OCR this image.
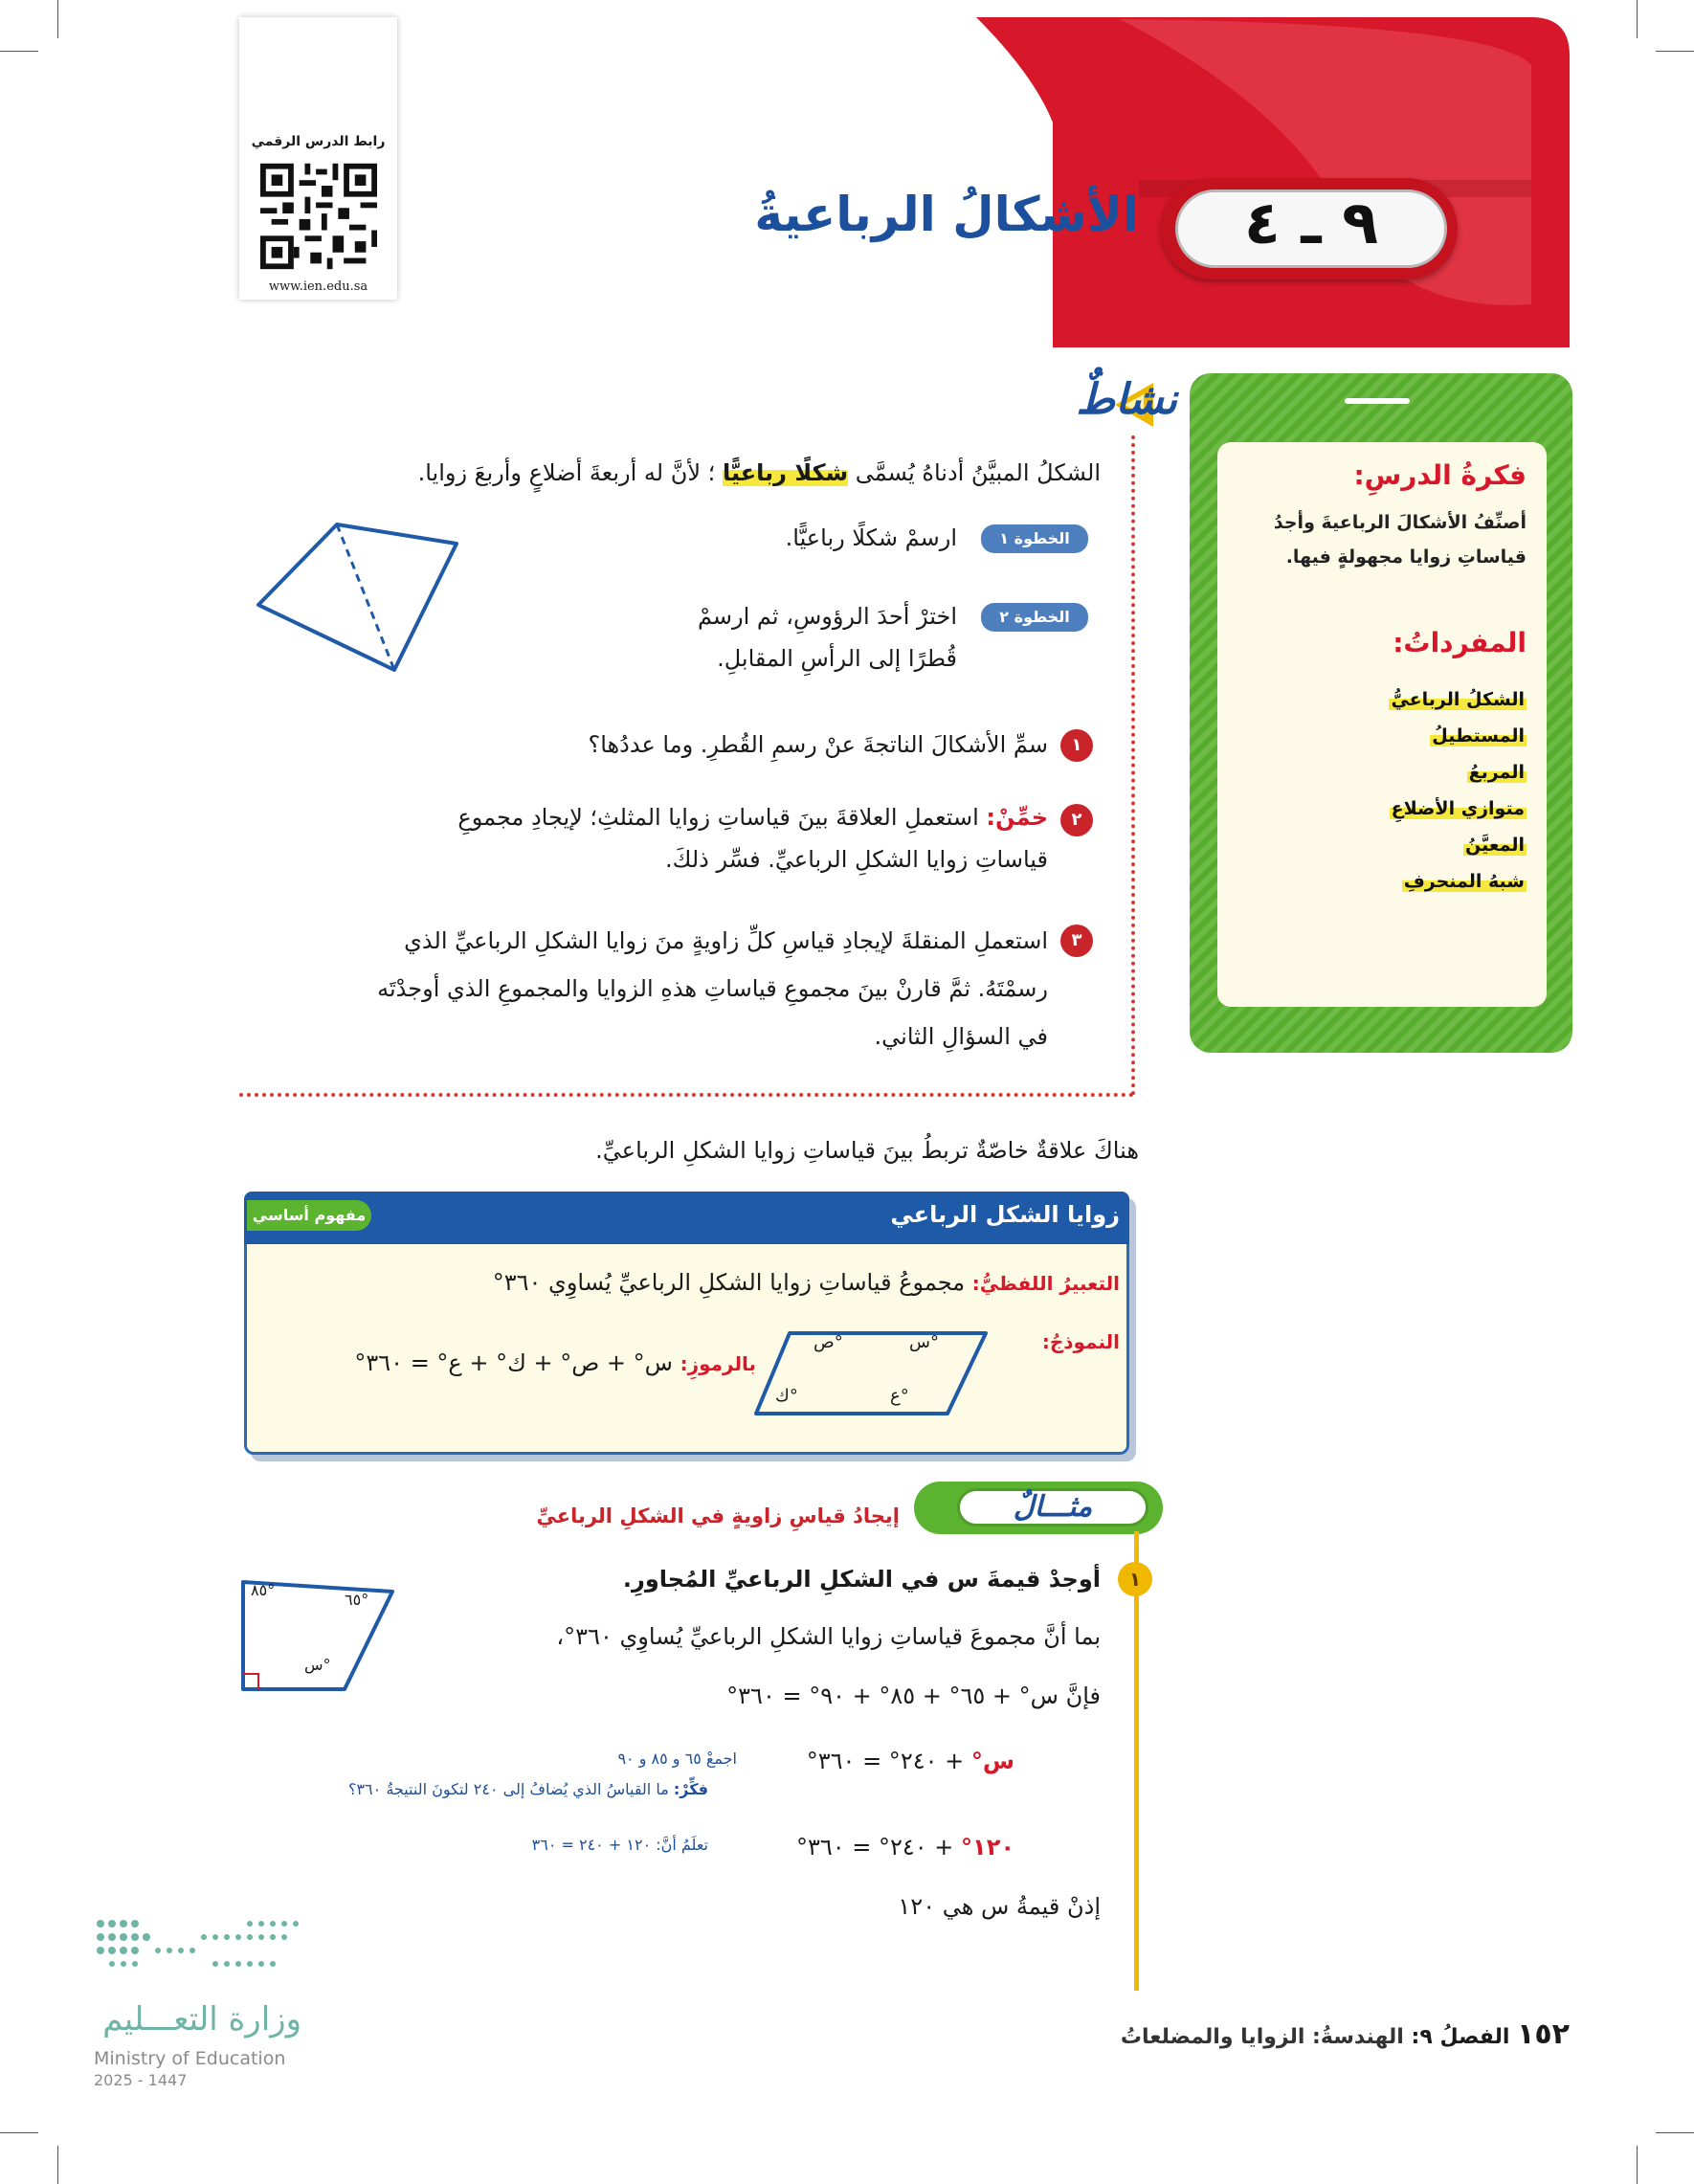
٩ ـ ٤
الأشكالُ الرباعيةُ
رابط الدرس الرقمي
www.ien.edu.sa
فكرةُ الدرسِ:
أصنِّفُ الأشكالَ الرباعيةَ وأجدُ قياساتِ زوايا مجهولةٍ فيها.
المفرداتُ:
الشكلُ الرباعيُّ
المستطيلُ
المربعُ
متوازي الأضلاعِ
المعيَّنُ
شبهُ المنحرفِ
نشاطٌ
الشكلُ المبيَّنُ أدناهُ يُسمَّى شكلًا رباعيًّا ؛ لأنَّ له أربعةَ أضلاعٍ وأربعَ زوايا.
الخطوة ١
ارسمْ شكلًا رباعيًّا.
الخطوة ٢
اخترْ أحدَ الرؤوسِ، ثم ارسمْ
قُطرًا إلى الرأسِ المقابلِ.
١
سمِّ الأشكالَ الناتجةَ عنْ رسمِ القُطرِ. وما عددُها؟
٢
خمِّنْ: استعملِ العلاقةَ بينَ قياساتِ زوايا المثلثِ؛ لإيجادِ مجموعِ
قياساتِ زوايا الشكلِ الرباعيِّ. فسِّر ذلكَ.
٣
استعملِ المنقلةَ لإيجادِ قياسِ كلِّ زاويةٍ منَ زوايا الشكلِ الرباعيِّ الذي
رسمْتَهُ. ثمَّ قارنْ بينَ مجموعِ قياساتِ هذهِ الزوايا والمجموعِ الذي أوجدْتَه
في السؤالِ الثاني.
هناكَ علاقةٌ خاصّةٌ تربطُ بينَ قياساتِ زوايا الشكلِ الرباعيِّ.
مفهوم أساسي	زوايا الشكل الرباعي
التعبيرُ اللفظيُّ: مجموعُ قياساتِ زوايا الشكلِ الرباعيِّ يُساوِي ٣٦٠°
النموذجُ:
س°
ص°
ك°	ع°
بالرموزِ: س° + ص° + ك° + ع° = ٣٦٠°
مثـــالٌ
إيجادُ قياسِ زاويةٍ في الشكلِ الرباعيِّ
١
أوجدْ قيمةَ س في الشكلِ الرباعيِّ المُجاورِ.
بما أنَّ مجموعَ قياساتِ زوايا الشكلِ الرباعيِّ يُساوِي ٣٦٠°،
فإنَّ س° + ٦٥° + ٨٥° + ٩٠° = ٣٦٠°
س° + ٢٤٠° = ٣٦٠°
اجمعْ ٦٥ و ٨٥ و ٩٠
فكِّرْ: ما القياسُ الذي يُضافُ إلى ٢٤٠ لتكونَ النتيجةُ ٣٦٠؟
١٢٠° + ٢٤٠° = ٣٦٠°
تعلَمُ أنَّ: ١٢٠ + ٢٤٠ = ٣٦٠
إذنْ قيمةُ س هي ١٢٠
٨٥°
٦٥°
س°
وزارة التعـــليم
Ministry of Education
2025 - 1447
١٥٢ الفصلُ ٩: الهندسةُ: الزوايا والمضلعاتُ
